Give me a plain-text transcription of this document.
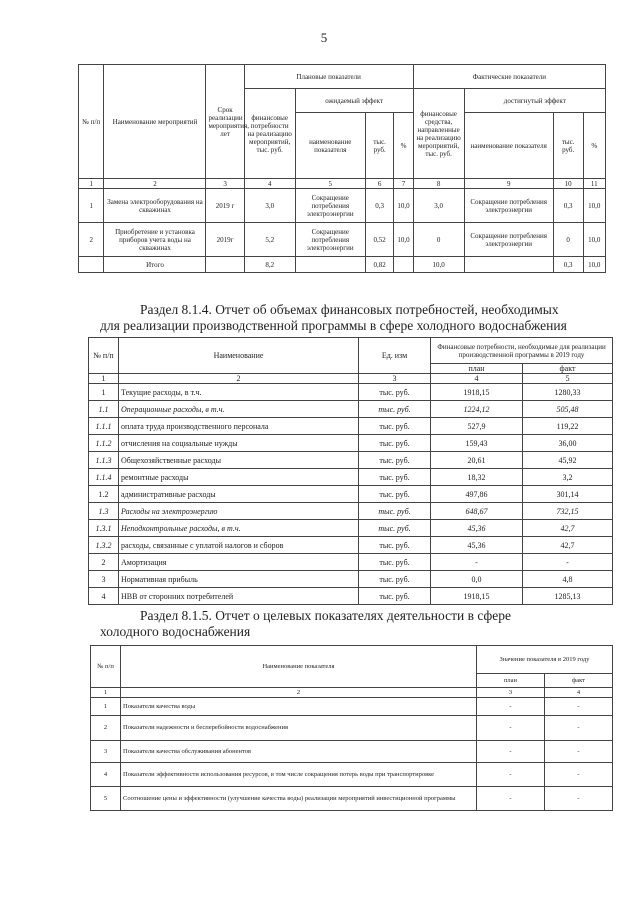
5
№ п/п	Наименование мероприятий	Срок реализации мероприятия, лет	Плановые показатели				Фактические показатели			
			финансовые потребности на реализацию мероприятий, тыс. руб.	ожидаемый эффект			финансовые средства, направленные на реализацию мероприятий, тыс. руб.	достигнутый эффект		
				наименование показателя	тыс. руб.	%		наименование показателя	тыс. руб.	%
1	2	3	4	5	6	7	8	9	10	11
1	Замена электрооборудования на скважинах	2019 г	3,0	Сокращение потребления электроэнергии	0,3	10,0	3,0	Сокращение потребления электроэнергии	0,3	10,0
2	Приобретение и установка приборов учета воды на скважинах	2019г	5,2	Сокращение потребления электроэнергии	0,52	10,0	0	Сокращение потребления электроэнергии	0	10,0
	Итого		8,2		0,82		10,0		0,3	10,0
Раздел 8.1.4. Отчет об объемах финансовых потребностей, необходимых
для реализации производственной программы в сфере холодного водоснабжения
№ п/п	Наименование	Ед. изм	Финансовые потребности, необходимые для реализации производственной программы в 2019 году	
			план	факт
1	2	3	4	5
1	Текущие расходы, в т.ч.	тыс. руб.	1918,15	1280,33
1.1	Операционные расходы, в т.ч.	тыс. руб.	1224,12	505,48
1.1.1	оплата труда производственного персонала	тыс. руб.	527,9	119,22
1.1.2	отчисления на социальные нужды	тыс. руб.	159,43	36,00
1.1.3	Общехозяйственные расходы	тыс. руб.	20,61	45,92
1.1.4	ремонтные расходы	тыс. руб.	18,32	3,2
1.2	административные расходы	тыс. руб.	497,86	301,14
1.3	Расходы на электроэнергию	тыс. руб.	648,67	732,15
1.3.1	Неподконтрольные расходы, в т.ч.	тыс. руб.	45,36	42,7
1.3.2	расходы, связанные с уплатой налогов и сборов	тыс. руб.	45,36	42,7
2	Амортизация	тыс. руб.	-	-
3	Нормативная прибыль	тыс. руб.	0,0	4,8
4	НВВ от сторонних потребителей	тыс. руб.	1918,15	1285,13
Раздел 8.1.5. Отчет о целевых показателях деятельности в сфере
холодного водоснабжения
№ п/п	Наименование показателя	Значение показателя в 2019 году	
		план	факт
1	2	3	4
1	Показатели качества воды	-	-
2	Показатели надежности и бесперебойности водоснабжения	-	-
3	Показатели качества обслуживания абонентов	-	-
4	Показатели эффективности использования ресурсов, в том числе сокращения потерь воды при транспортировке	-	-
5	Соотношение цены и эффективности (улучшение качества воды) реализации мероприятий инвестиционной программы	-	-
